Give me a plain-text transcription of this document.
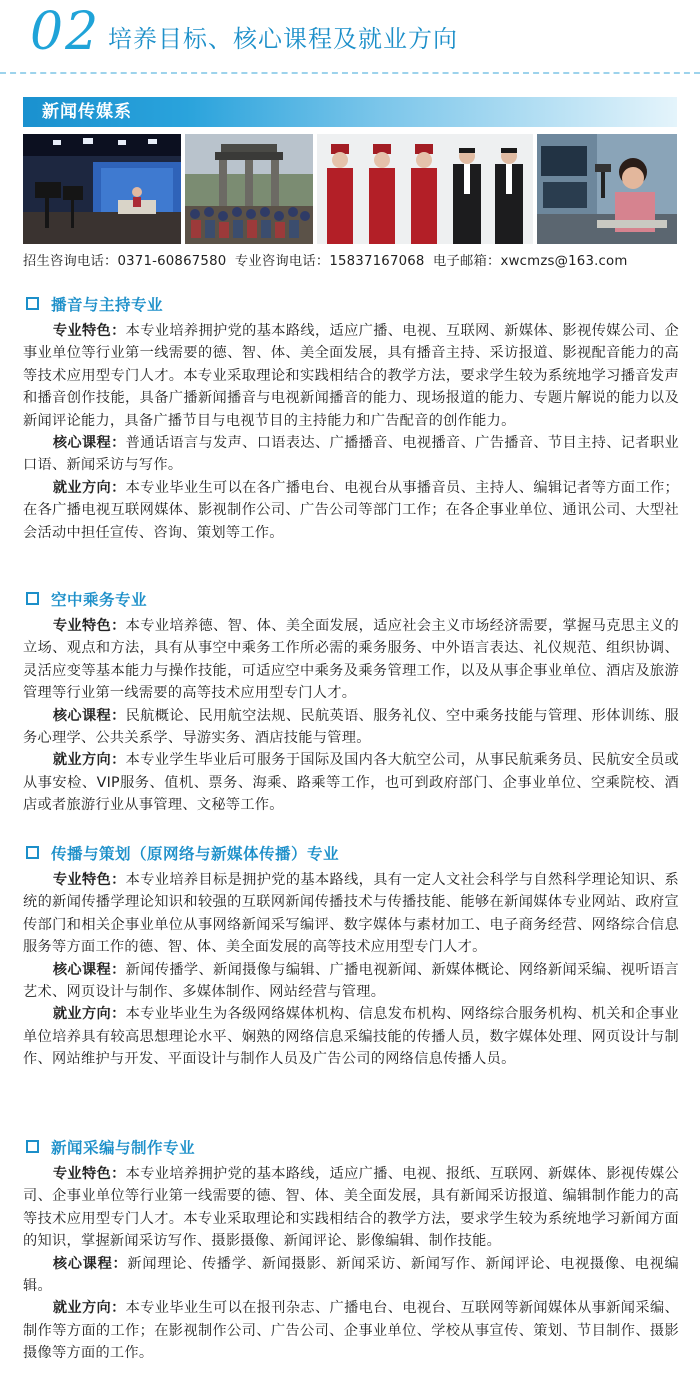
02 培养目标、核心课程及就业方向
新闻传媒系
招生咨询电话：0371-60867580 专业咨询电话：15837167068 电子邮箱：xwcmzs@163.com
播音与主持专业

专业特色：本专业培养拥护党的基本路线，适应广播、电视、互联网、新媒体、影视传媒公司、企事业单位等行业第一线需要的德、智、体、美全面发展，具有播音主持、采访报道、影视配音能力的高等技术应用型专门人才。本专业采取理论和实践相结合的教学方法，要求学生较为系统地学习播音发声和播音创作技能，具备广播新闻播音与电视新闻播音的能力、现场报道的能力、专题片解说的能力以及新闻评论能力，具备广播节目与电视节目的主持能力和广告配音的创作能力。

核心课程：普通话语言与发声、口语表达、广播播音、电视播音、广告播音、节目主持、记者职业口语、新闻采访与写作。

就业方向：本专业毕业生可以在各广播电台、电视台从事播音员、主持人、编辑记者等方面工作；在各广播电视互联网媒体、影视制作公司、广告公司等部门工作；在各企事业单位、通讯公司、大型社会活动中担任宣传、咨询、策划等工作。

空中乘务专业

专业特色：本专业培养德、智、体、美全面发展，适应社会主义市场经济需要，掌握马克思主义的立场、观点和方法，具有从事空中乘务工作所必需的乘务服务、中外语言表达、礼仪规范、组织协调、灵活应变等基本能力与操作技能，可适应空中乘务及乘务管理工作，以及从事企事业单位、酒店及旅游管理等行业第一线需要的高等技术应用型专门人才。

核心课程：民航概论、民用航空法规、民航英语、服务礼仪、空中乘务技能与管理、形体训练、服务心理学、公共关系学、导游实务、酒店技能与管理。

就业方向：本专业学生毕业后可服务于国际及国内各大航空公司，从事民航乘务员、民航安全员或从事安检、VIP服务、值机、票务、海乘、路乘等工作，也可到政府部门、企事业单位、空乘院校、酒店或者旅游行业从事管理、文秘等工作。

传播与策划（原网络与新媒体传播）专业

专业特色：本专业培养目标是拥护党的基本路线，具有一定人文社会科学与自然科学理论知识、系统的新闻传播学理论知识和较强的互联网新闻传播技术与传播技能、能够在新闻媒体专业网站、政府宣传部门和相关企事业单位从事网络新闻采写编评、数字媒体与素材加工、电子商务经营、网络综合信息服务等方面工作的德、智、体、美全面发展的高等技术应用型专门人才。

核心课程：新闻传播学、新闻摄像与编辑、广播电视新闻、新媒体概论、网络新闻采编、视听语言艺术、网页设计与制作、多媒体制作、网站经营与管理。

就业方向：本专业毕业生为各级网络媒体机构、信息发布机构、网络综合服务机构、机关和企事业单位培养具有较高思想理论水平、娴熟的网络信息采编技能的传播人员，数字媒体处理、网页设计与制作、网站维护与开发、平面设计与制作人员及广告公司的网络信息传播人员。

新闻采编与制作专业

专业特色：本专业培养拥护党的基本路线，适应广播、电视、报纸、互联网、新媒体、影视传媒公司、企事业单位等行业第一线需要的德、智、体、美全面发展，具有新闻采访报道、编辑制作能力的高等技术应用型专门人才。本专业采取理论和实践相结合的教学方法，要求学生较为系统地学习新闻方面的知识，掌握新闻采访写作、摄影摄像、新闻评论、影像编辑、制作技能。

核心课程：新闻理论、传播学、新闻摄影、新闻采访、新闻写作、新闻评论、电视摄像、电视编辑。

就业方向：本专业毕业生可以在报刊杂志、广播电台、电视台、互联网等新闻媒体从事新闻采编、制作等方面的工作；在影视制作公司、广告公司、企事业单位、学校从事宣传、策划、节目制作、摄影摄像等方面的工作。
